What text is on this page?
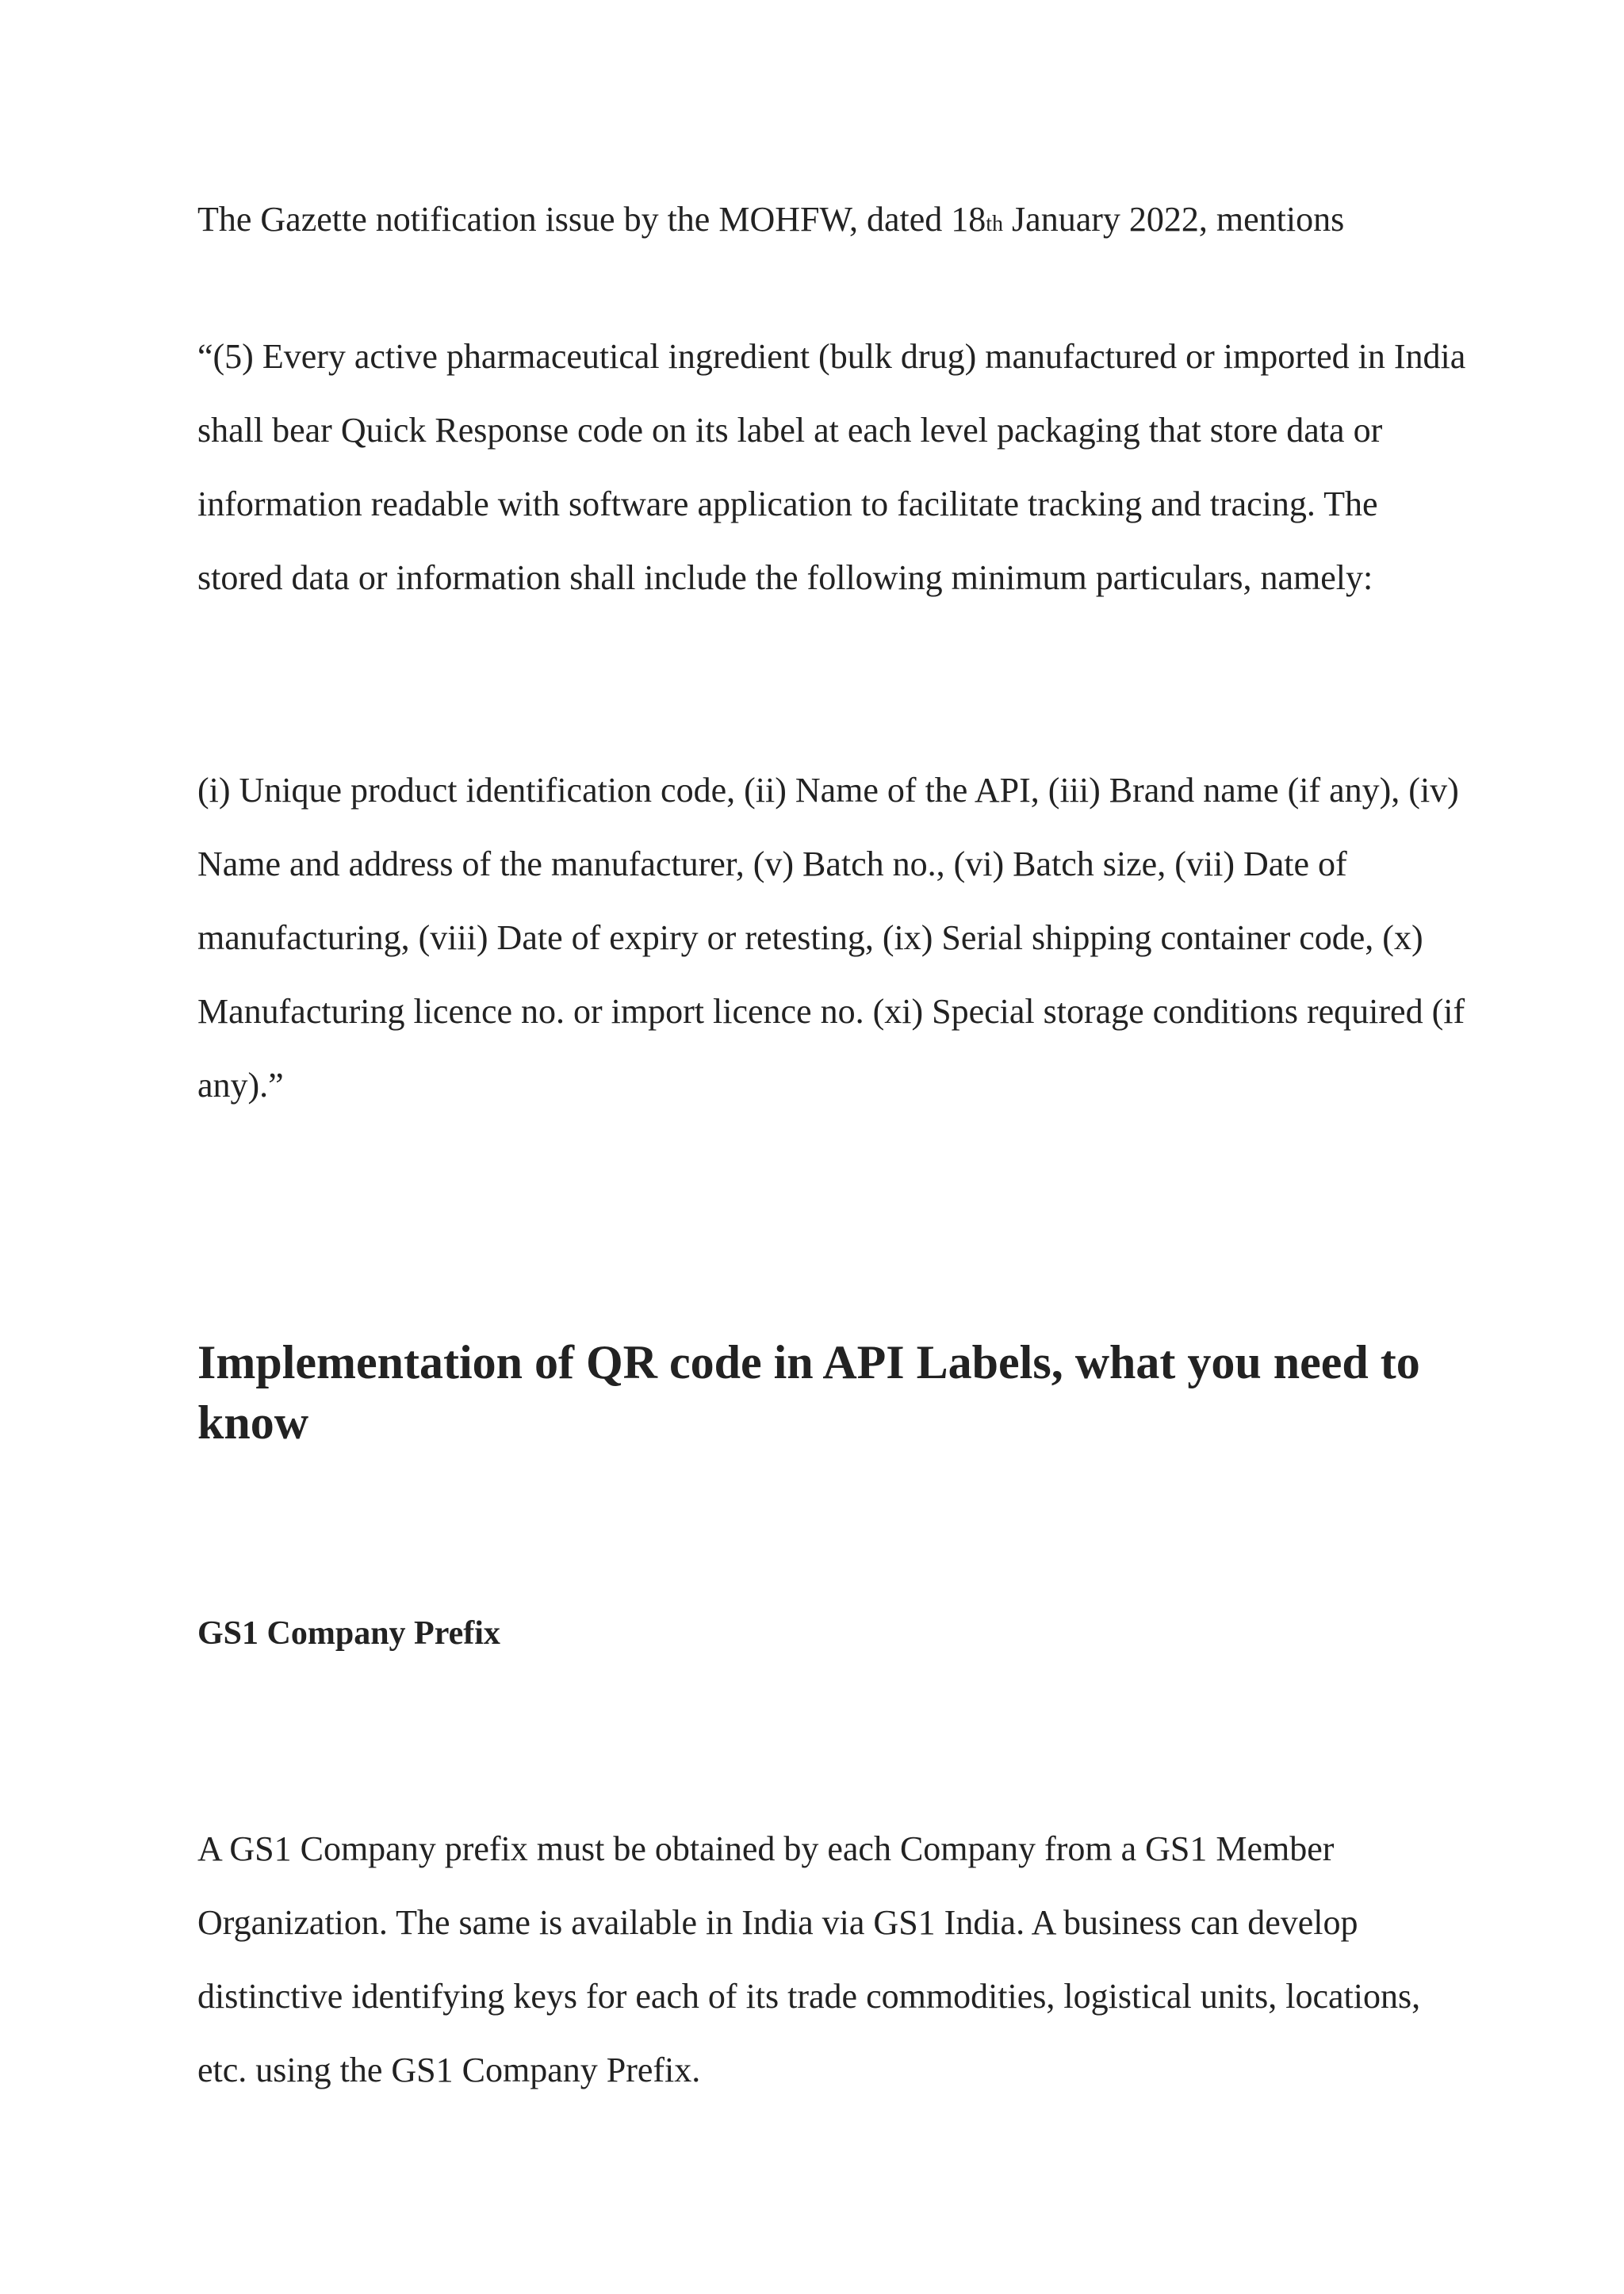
The Gazette notification issue by the MOHFW, dated 18th January 2022, mentions

“(5) Every active pharmaceutical ingredient (bulk drug) manufactured or imported in India shall bear Quick Response code on its label at each level packaging that store data or information readable with software application to facilitate tracking and tracing. The stored data or information shall include the following minimum particulars, namely:

(i) Unique product identification code, (ii) Name of the API, (iii) Brand name (if any), (iv) Name and address of the manufacturer, (v) Batch no., (vi) Batch size, (vii) Date of manufacturing, (viii) Date of expiry or retesting, (ix) Serial shipping container code, (x) Manufacturing licence no. or import licence no. (xi) Special storage conditions required (if any).”

Implementation of QR code in API Labels, what you need to know
GS1 Company Prefix

A GS1 Company prefix must be obtained by each Company from a GS1 Member Organization. The same is available in India via GS1 India. A business can develop distinctive identifying keys for each of its trade commodities, logistical units, locations, etc. using the GS1 Company Prefix.
